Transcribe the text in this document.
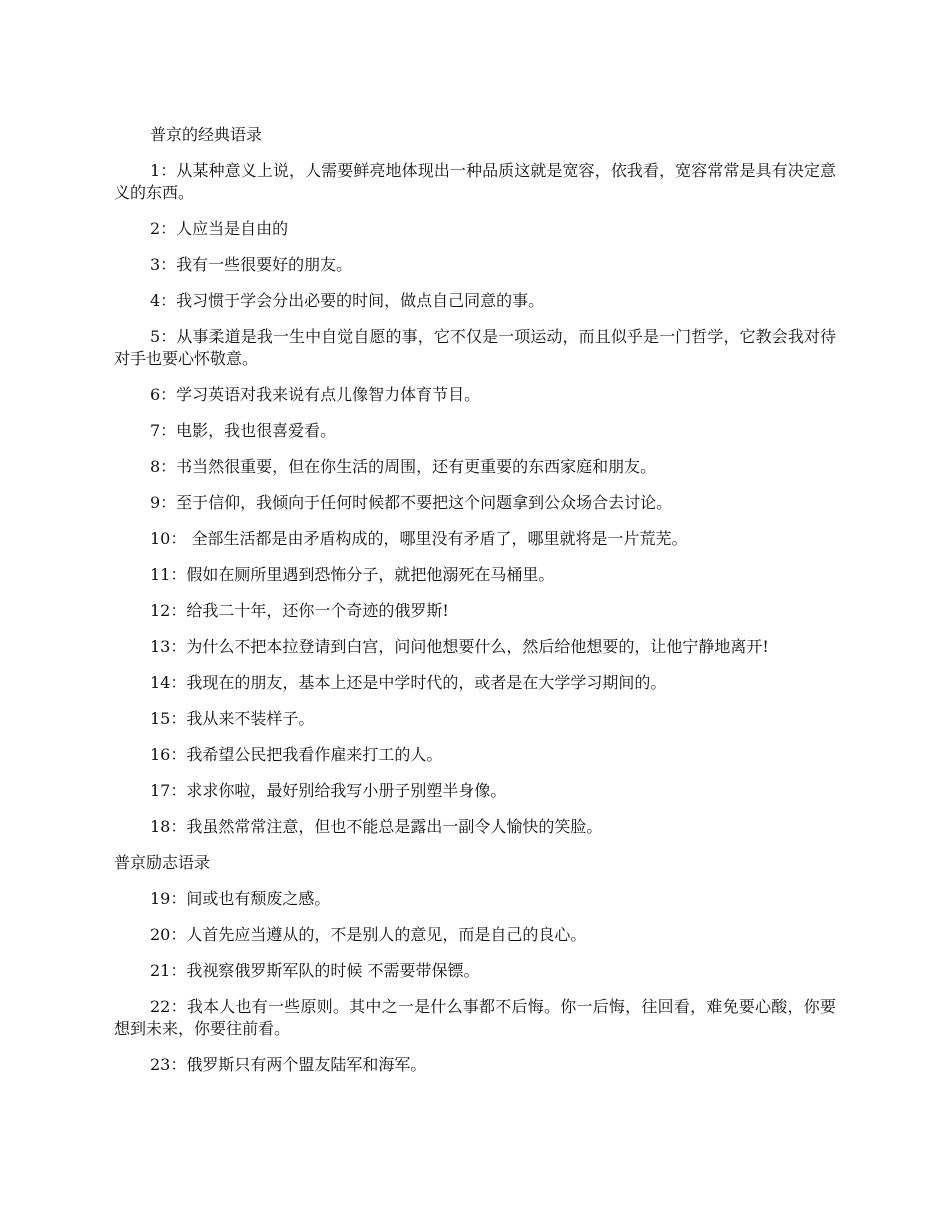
普京的经典语录

1：从某种意义上说，人需要鲜亮地体现出一种品质这就是宽容，依我看，宽容常常是具有决定意义的东西。

2：人应当是自由的

3：我有一些很要好的朋友。

4：我习惯于学会分出必要的时间，做点自己同意的事。

5：从事柔道是我一生中自觉自愿的事，它不仅是一项运动，而且似乎是一门哲学，它教会我对待对手也要心怀敬意。

6：学习英语对我来说有点儿像智力体育节目。

7：电影，我也很喜爱看。

8：书当然很重要，但在你生活的周围，还有更重要的东西家庭和朋友。

9：至于信仰，我倾向于任何时候都不要把这个问题拿到公众场合去讨论。

10： 全部生活都是由矛盾构成的，哪里没有矛盾了，哪里就将是一片荒芜。

11：假如在厕所里遇到恐怖分子，就把他溺死在马桶里。

12：给我二十年，还你一个奇迹的俄罗斯!

13：为什么不把本拉登请到白宫，问问他想要什么，然后给他想要的，让他宁静地离开!

14：我现在的朋友，基本上还是中学时代的，或者是在大学学习期间的。

15：我从来不装样子。

16：我希望公民把我看作雇来打工的人。

17：求求你啦，最好别给我写小册子别塑半身像。

18：我虽然常常注意，但也不能总是露出一副令人愉快的笑脸。

普京励志语录

19：间或也有颓废之感。

20：人首先应当遵从的，不是别人的意见，而是自己的良心。

21：我视察俄罗斯军队的时候 不需要带保镖。

22：我本人也有一些原则。其中之一是什么事都不后悔。你一后悔，往回看，难免要心酸，你要想到未来，你要往前看。

23：俄罗斯只有两个盟友陆军和海军。
